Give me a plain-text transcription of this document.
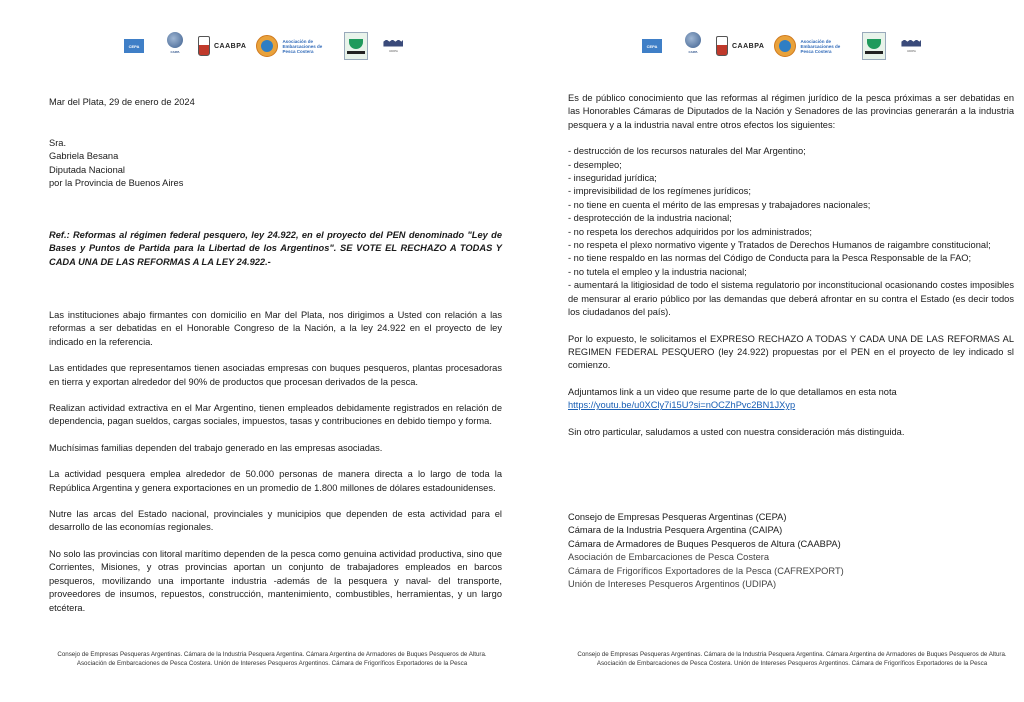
CEPA
CAIPA
CAABPA
Asociación de Embarcaciones de Pesca Costera	UDIPA

Mar del Plata, 29 de enero de 2024

Sra.

Gabriela Besana

Diputada Nacional

por la Provincia de Buenos Aires

Ref.: Reformas al régimen federal pesquero, ley 24.922, en el proyecto del PEN denominado "Ley de Bases y Puntos de Partida para la Libertad de los Argentinos". SE VOTE EL RECHAZO A TODAS Y CADA UNA DE LAS REFORMAS A LA LEY 24.922.-

Las instituciones abajo firmantes con domicilio en Mar del Plata, nos dirigimos a Usted con relación a las reformas a ser debatidas en el Honorable Congreso de la Nación, a la ley 24.922 en el proyecto de ley indicado en la referencia.

Las entidades que representamos tienen asociadas empresas con buques pesqueros, plantas procesadoras en tierra y exportan alrededor del 90% de productos que procesan derivados de la pesca.

Realizan actividad extractiva en el Mar Argentino, tienen empleados debidamente registrados en relación de dependencia, pagan sueldos, cargas sociales, impuestos, tasas y contribuciones en debido tiempo y forma.

Muchísimas familias dependen del trabajo generado en las empresas asociadas.

La actividad pesquera emplea alrededor de 50.000 personas de manera directa a lo largo de toda la República Argentina y genera exportaciones en un promedio de 1.800 millones de dólares estadounidenses.

Nutre las arcas del Estado nacional, provinciales y municipios que dependen de esta actividad para el desarrollo de las economías regionales.

No solo las provincias con litoral marítimo dependen de la pesca como genuina actividad productiva, sino que Corrientes, Misiones, y otras provincias aportan un conjunto de trabajadores empleados en barcos pesqueros, movilizando una importante industria -además de la pesquera y naval- del transporte, proveedores de insumos, repuestos, construcción, mantenimiento, combustibles, herramientas, y un largo etcétera.

Consejo de Empresas Pesqueras Argentinas. Cámara de la Industria Pesquera Argentina. Cámara Argentina de Armadores de Buques Pesqueros de Altura. Asociación de Embarcaciones de Pesca Costera. Unión de Intereses Pesqueros Argentinos. Cámara de Frigoríficos Exportadores de la Pesca
CEPA
CAIPA
CAABPA
Asociación de Embarcaciones de Pesca Costera	UDIPA

Es de público conocimiento que las reformas al régimen jurídico de la pesca próximas a ser debatidas en las Honorables Cámaras de Diputados de la Nación y Senadores de las provincias generarán a la industria pesquera y a la industria naval entre otros efectos los siguientes:

- destrucción de los recursos naturales del Mar Argentino;

- desempleo;

- inseguridad jurídica;

- imprevisibilidad de los regímenes jurídicos;

- no tiene en cuenta el mérito de las empresas y trabajadores nacionales;

- desprotección de la industria nacional;

- no respeta los derechos adquiridos por los administrados;

- no respeta el plexo normativo vigente y Tratados de Derechos Humanos de raigambre constitucional;

- no tiene respaldo en las normas del Código de Conducta para la Pesca Responsable de la FAO;

- no tutela el empleo y la industria nacional;

- aumentará la litigiosidad de todo el sistema regulatorio por inconstitucional ocasionando costes imposibles de mensurar al erario público por las demandas que deberá afrontar en su contra el Estado (es decir todos los ciudadanos del país).

Por lo expuesto, le solicitamos el EXPRESO RECHAZO A TODAS Y CADA UNA DE LAS REFORMAS AL REGIMEN FEDERAL PESQUERO (ley 24.922) propuestas por el PEN en el proyecto de ley indicado sl comienzo.

Adjuntamos link a un video que resume parte de lo que detallamos en esta nota

https://youtu.be/u0XCly7i15U?si=nOCZhPvc2BN1JXyp

Sin otro particular, saludamos a usted con nuestra consideración más distinguida.

Consejo de Empresas Pesqueras Argentinas (CEPA)

Cámara de la Industria Pesquera Argentina (CAIPA)

Cámara de Armadores de Buques Pesqueros de Altura (CAABPA)

Asociación de Embarcaciones de Pesca Costera

Cámara de Frigoríficos Exportadores de la Pesca (CAFREXPORT)

Unión de Intereses Pesqueros Argentinos (UDIPA)

Consejo de Empresas Pesqueras Argentinas. Cámara de la Industria Pesquera Argentina. Cámara Argentina de Armadores de Buques Pesqueros de Altura. Asociación de Embarcaciones de Pesca Costera. Unión de Intereses Pesqueros Argentinos. Cámara de Frigoríficos Exportadores de la Pesca
